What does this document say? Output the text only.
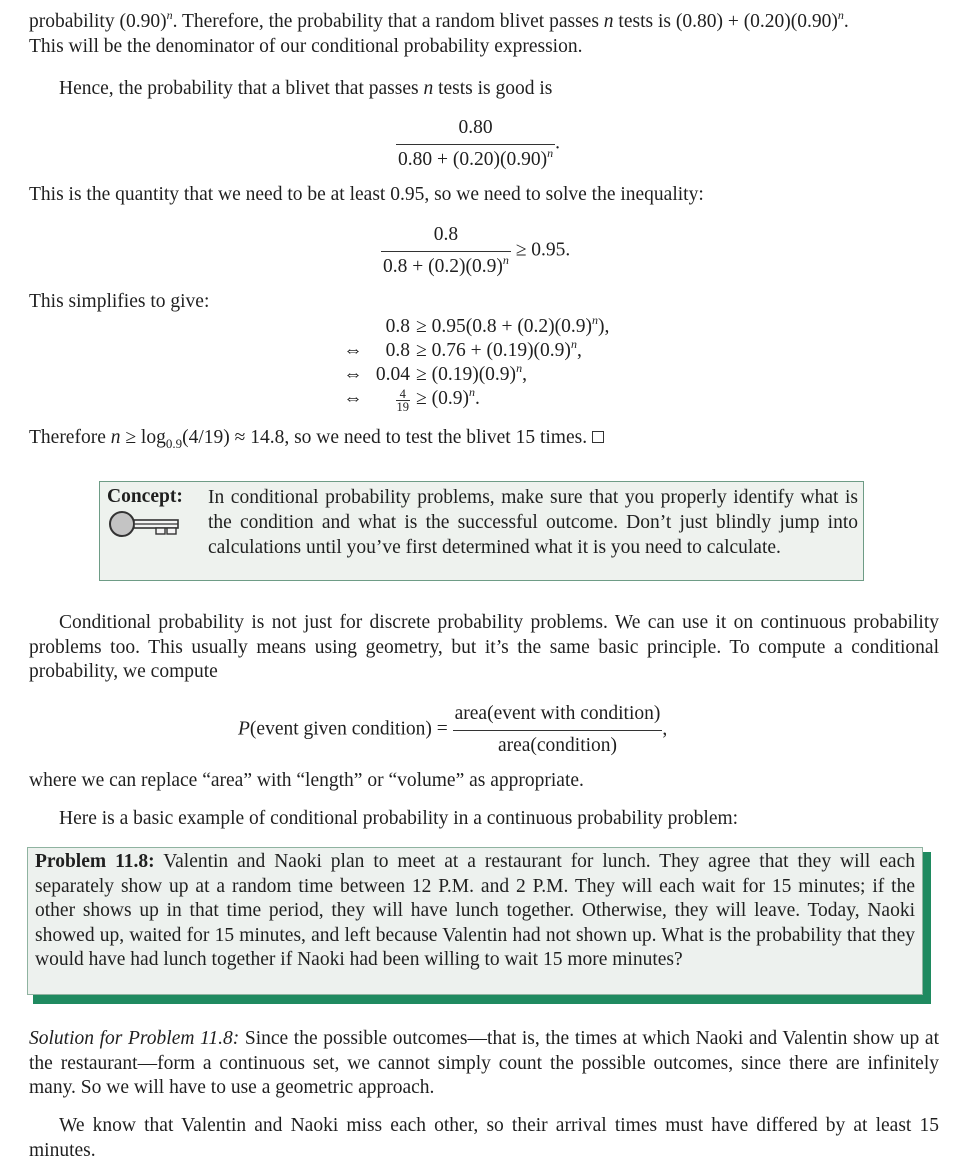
probability $(0.90)^n$. Therefore, the probability that a random blivet passes n tests is $(0.80) + (0.20)(0.90)^n$.
This will be the denominator of our conditional probability expression.
Hence, the probability that a blivet that passes n tests is good is
$\frac{0.80}{0.80 + (0.20)(0.90)^n}$ .
This is the quantity that we need to be at least 0.95, so we need to solve the inequality:
$\frac{0.8}{0.8 + (0.2)(0.9)^n} \ge 0.95$.
This simplifies to give:
$0.8 \ge 0.95(0.8 + (0.2)(0.9)^n)$,
⇔	$0.8 \ge 0.76 + (0.19)(0.9)^n$,
⇔ $0.04 \ge (0.19)(0.9)^n$,
⇔	$\frac{4}{19} \ge (0.9)^n$.
Therefore $n \ge \log_{0.9}(4/19) \approx 14.8$, so we need to test the blivet 15 times.
Concept: In conditional probability problems, make sure that you properly identify what is the condition and what is the successful outcome. Don’t just blindly jump into calculations until you’ve first determined what it is you need to calculate.
Conditional probability is not just for discrete probability problems. We can use it on continuous probability problems too. This usually means using geometry, but it’s the same basic principle. To compute a conditional probability, we compute
P(event given condition) = $\frac{\text{area(event with condition)}}{\text{area(condition)}}$ ,
where we can replace “area” with “length” or “volume” as appropriate.
Here is a basic example of conditional probability in a continuous probability problem:
Problem 11.8: Valentin and Naoki plan to meet at a restaurant for lunch. They agree that they will each separately show up at a random time between 12 P.M. and 2 P.M. They will each wait for 15 minutes; if the other shows up in that time period, they will have lunch together. Otherwise, they will leave. Today, Naoki showed up, waited for 15 minutes, and left because Valentin had not shown up. What is the probability that they would have had lunch together if Naoki had been willing to wait 15 more minutes?
Solution for Problem 11.8: Since the possible outcomes—that is, the times at which Naoki and Valentin show up at the restaurant—form a continuous set, we cannot simply count the possible outcomes, since there are infinitely many. So we will have to use a geometric approach.
We know that Valentin and Naoki miss each other, so their arrival times must have differed by at least 15 minutes.
